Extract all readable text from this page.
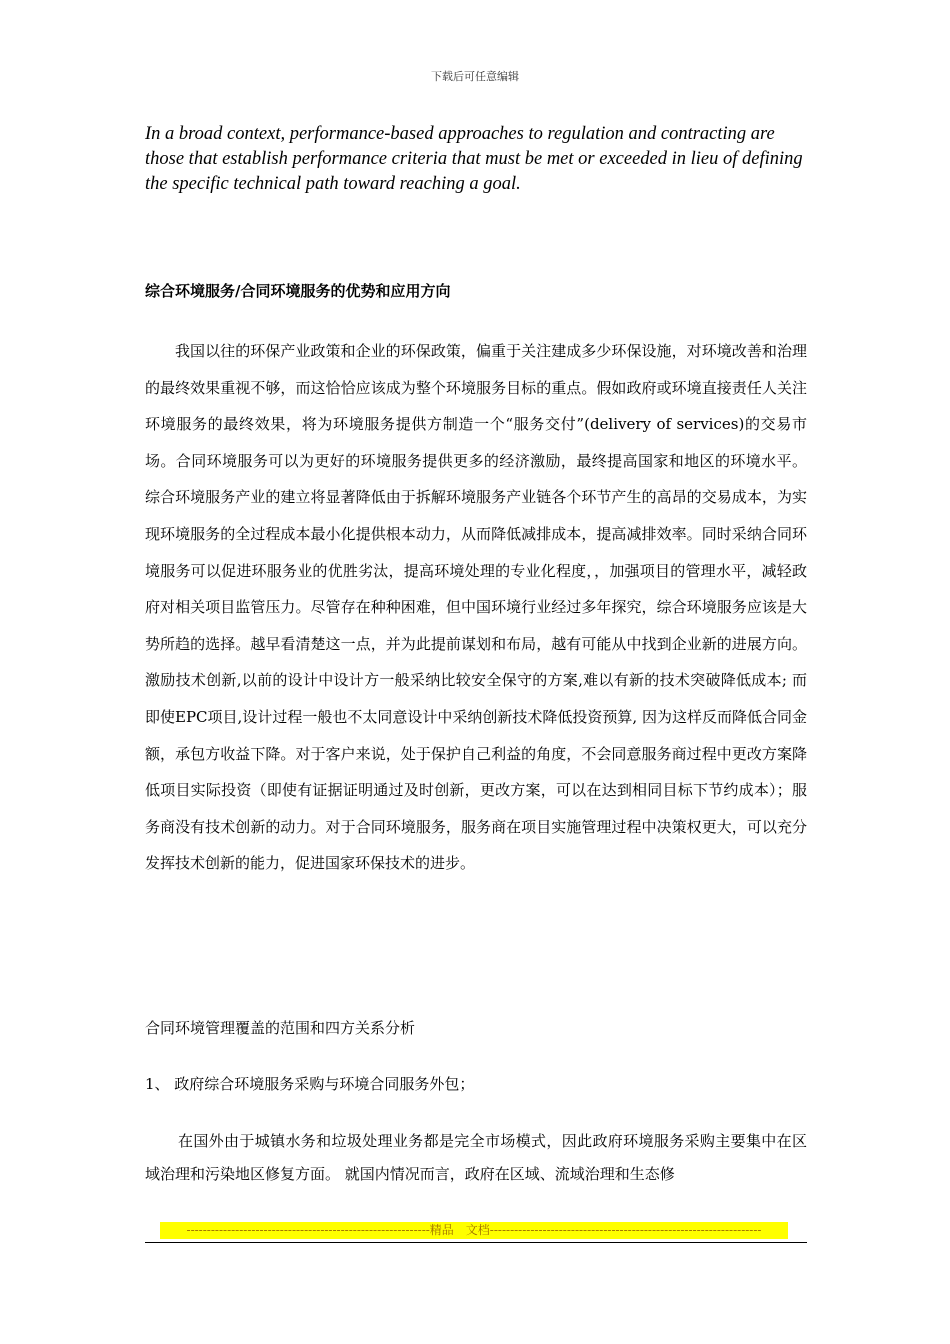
下载后可任意编辑
In a broad context, performance-based approaches to regulation and contracting are those that establish performance criteria that must be met or exceeded in lieu of defining the specific technical path toward reaching a goal.
综合环境服务/合同环境服务的优势和应用方向
我国以往的环保产业政策和企业的环保政策，偏重于关注建成多少环保设施，对环境改善和治理的最终效果重视不够，而这恰恰应该成为整个环境服务目标的重点。假如政府或环境直接责任人关注环境服务的最终效果，将为环境服务提供方制造一个“服务交付”(delivery of services)的交易市场。合同环境服务可以为更好的环境服务提供更多的经济激励，最终提高国家和地区的环境水平。 综合环境服务产业的建立将显著降低由于拆解环境服务产业链各个环节产生的高昂的交易成本，为实现环境服务的全过程成本最小化提供根本动力，从而降低减排成本，提高减排效率。同时采纳合同环境服务可以促进环服务业的优胜劣汰，提高环境处理的专业化程度，，加强项目的管理水平，减轻政府对相关项目监管压力。尽管存在种种困难，但中国环境行业经过多年探究，综合环境服务应该是大势所趋的选择。越早看清楚这一点，并为此提前谋划和布局，越有可能从中找到企业新的进展方向。激励技术创新,以前的设计中设计方一般采纳比较安全保守的方案,难以有新的技术突破降低成本; 而即使EPC项目,设计过程一般也不太同意设计中采纳创新技术降低投资预算, 因为这样反而降低合同金额，承包方收益下降。对于客户来说，处于保护自己利益的角度，不会同意服务商过程中更改方案降低项目实际投资（即使有证据证明通过及时创新，更改方案，可以在达到相同目标下节约成本）；服务商没有技术创新的动力。对于合同环境服务，服务商在项目实施管理过程中决策权更大，可以充分发挥技术创新的能力，促进国家环保技术的进步。
合同环境管理覆盖的范围和四方关系分析
1、 政府综合环境服务采购与环境合同服务外包；
在国外由于城镇水务和垃圾处理业务都是完全市场模式，因此政府环境服务采购主要集中在区域治理和污染地区修复方面。 就国内情况而言，政府在区域、流域治理和生态修
------------------------------------------------------------精品　文档-------------------------------------------------------------------
